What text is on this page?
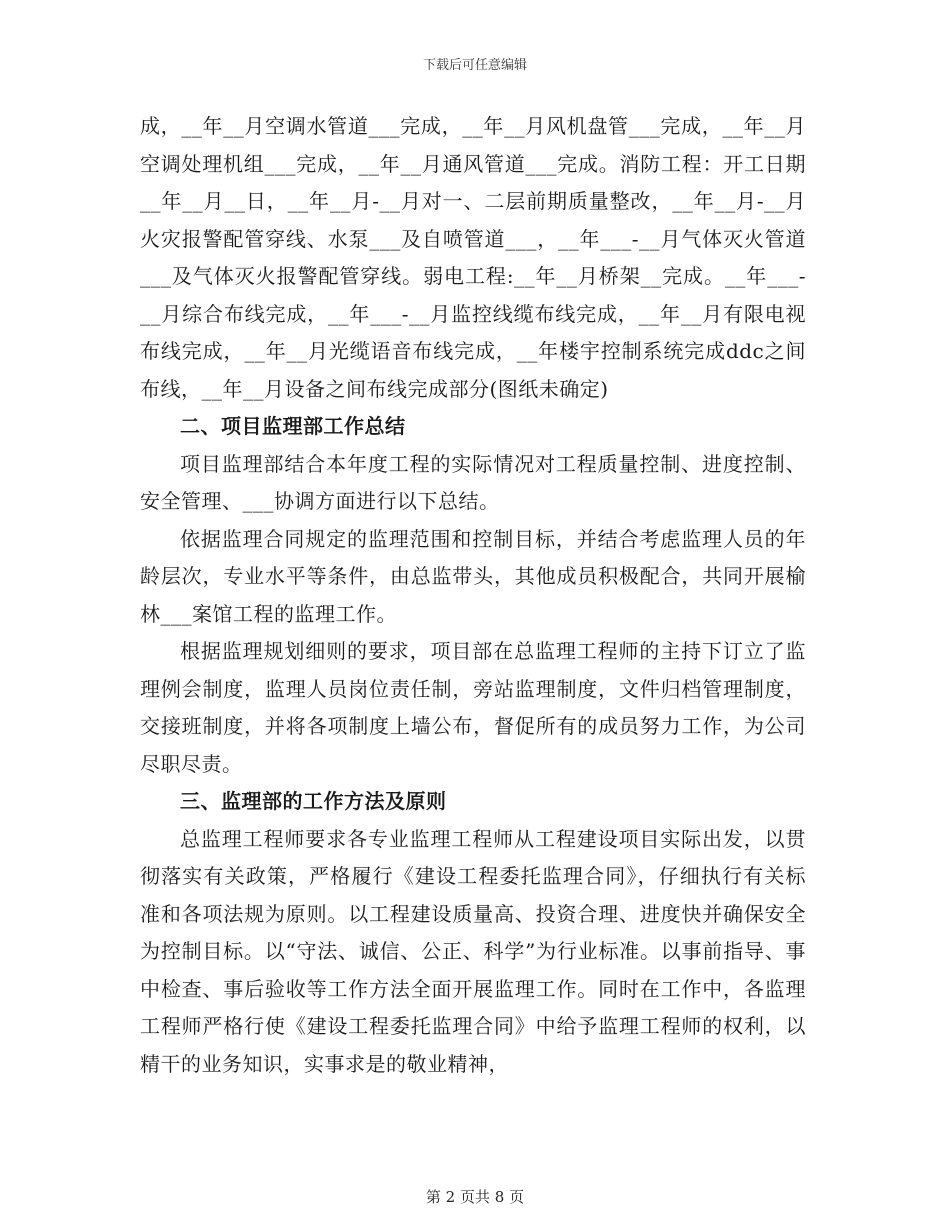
下载后可任意编辑

成，__年__月空调水管道___完成，__年__月风机盘管___完成，__年__月空调处理机组___完成，__年__月通风管道___完成。消防工程：开工日期__年__月__日，__年__月-__月对一、二层前期质量整改，__年__月-__月火灾报警配管穿线、水泵___及自喷管道___，__年___-__月气体灭火管道___及气体灭火报警配管穿线。弱电工程:__年__月桥架__完成。__年___-__月综合布线完成，__年___-__月监控线缆布线完成，__年__月有限电视布线完成，__年__月光缆语音布线完成，__年楼宇控制系统完成ddc之间布线，__年__月设备之间布线完成部分(图纸未确定)

二、项目监理部工作总结

项目监理部结合本年度工程的实际情况对工程质量控制、进度控制、安全管理、___协调方面进行以下总结。

依据监理合同规定的监理范围和控制目标，并结合考虑监理人员的年龄层次，专业水平等条件，由总监带头，其他成员积极配合，共同开展榆林___案馆工程的监理工作。

根据监理规划细则的要求，项目部在总监理工程师的主持下订立了监理例会制度，监理人员岗位责任制，旁站监理制度，文件归档管理制度，交接班制度，并将各项制度上墙公布，督促所有的成员努力工作，为公司尽职尽责。

三、监理部的工作方法及原则

总监理工程师要求各专业监理工程师从工程建设项目实际出发，以贯彻落实有关政策，严格履行《建设工程委托监理合同》，仔细执行有关标准和各项法规为原则。以工程建设质量高、投资合理、进度快并确保安全为控制目标。以“守法、诚信、公正、科学”为行业标准。以事前指导、事中检查、事后验收等工作方法全面开展监理工作。同时在工作中，各监理工程师严格行使《建设工程委托监理合同》中给予监理工程师的权利，以精干的业务知识，实事求是的敬业精神，

第 2 页共 8 页
